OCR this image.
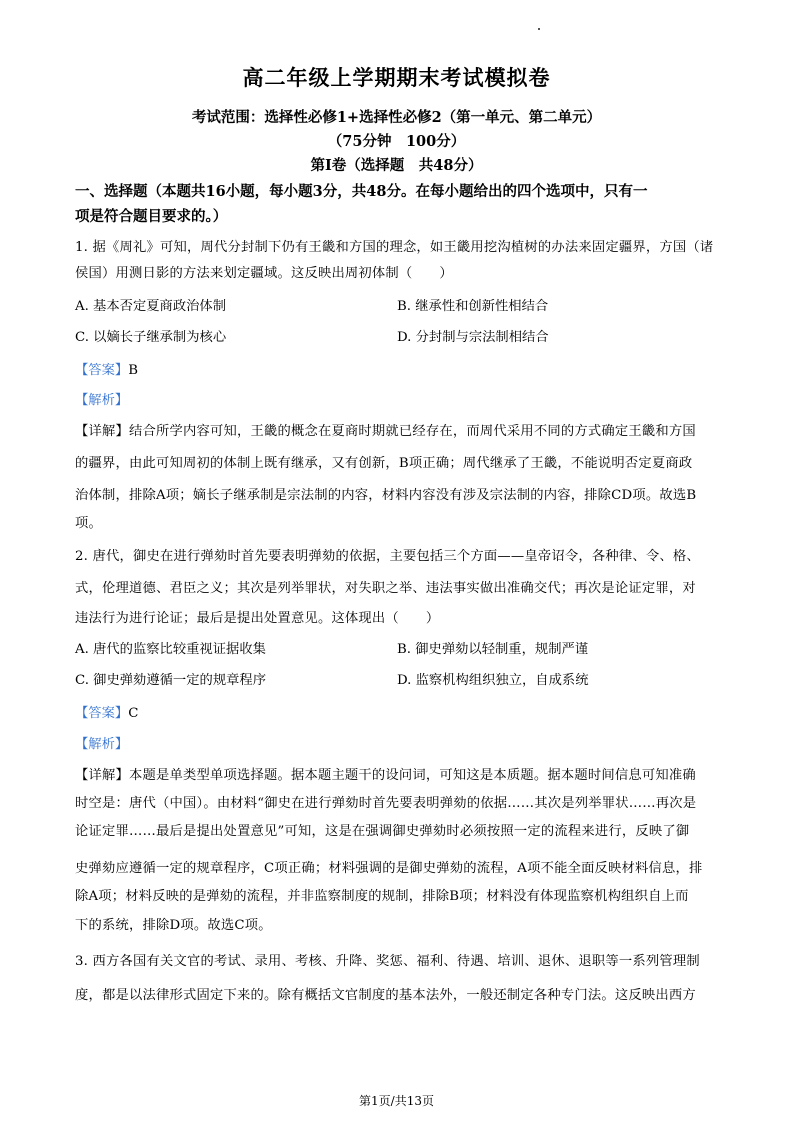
高二年级上学期期末考试模拟卷
考试范围：选择性必修1+选择性必修2（第一单元、第二单元）
（75分钟　100分）
第Ⅰ卷（选择题　共48分）
一、选择题（本题共16小题，每小题3分，共48分。在每小题给出的四个选项中，只有一
项是符合题目要求的。）
1. 据《周礼》可知，周代分封制下仍有王畿和方国的理念，如王畿用挖沟植树的办法来固定疆界，方国（诸
侯国）用测日影的方法来划定疆域。这反映出周初体制（　　）
A. 基本否定夏商政治体制	B. 继承性和创新性相结合
C. 以嫡长子继承制为核心	D. 分封制与宗法制相结合
【答案】B
【解析】
【详解】结合所学内容可知，王畿的概念在夏商时期就已经存在，而周代采用不同的方式确定王畿和方国
的疆界，由此可知周初的体制上既有继承，又有创新，B项正确；周代继承了王畿，不能说明否定夏商政
治体制，排除A项；嫡长子继承制是宗法制的内容，材料内容没有涉及宗法制的内容，排除CD项。故选B
项。
2. 唐代，御史在进行弹劾时首先要表明弹劾的依据，主要包括三个方面——皇帝诏令，各种律、令、格、
式，伦理道德、君臣之义；其次是列举罪状，对失职之举、违法事实做出准确交代；再次是论证定罪，对
违法行为进行论证；最后是提出处置意见。这体现出（　　）
A. 唐代的监察比较重视证据收集	B. 御史弹劾以轻制重，规制严谨
C. 御史弹劾遵循一定的规章程序	D. 监察机构组织独立，自成系统
【答案】C
【解析】
【详解】本题是单类型单项选择题。据本题主题干的设问词，可知这是本质题。据本题时间信息可知准确
时空是：唐代（中国）。由材料“御史在进行弹劾时首先要表明弹劾的依据……其次是列举罪状……再次是
论证定罪……最后是提出处置意见”可知，这是在强调御史弹劾时必须按照一定的流程来进行，反映了御
史弹劾应遵循一定的规章程序，C项正确；材料强调的是御史弹劾的流程，A项不能全面反映材料信息，排
除A项；材料反映的是弹劾的流程，并非监察制度的规制，排除B项；材料没有体现监察机构组织自上而
下的系统，排除D项。故选C项。
3. 西方各国有关文官的考试、录用、考核、升降、奖惩、福利、待遇、培训、退休、退职等一系列管理制
度，都是以法律形式固定下来的。除有概括文官制度的基本法外，一般还制定各种专门法。这反映出西方
第1页/共13页
